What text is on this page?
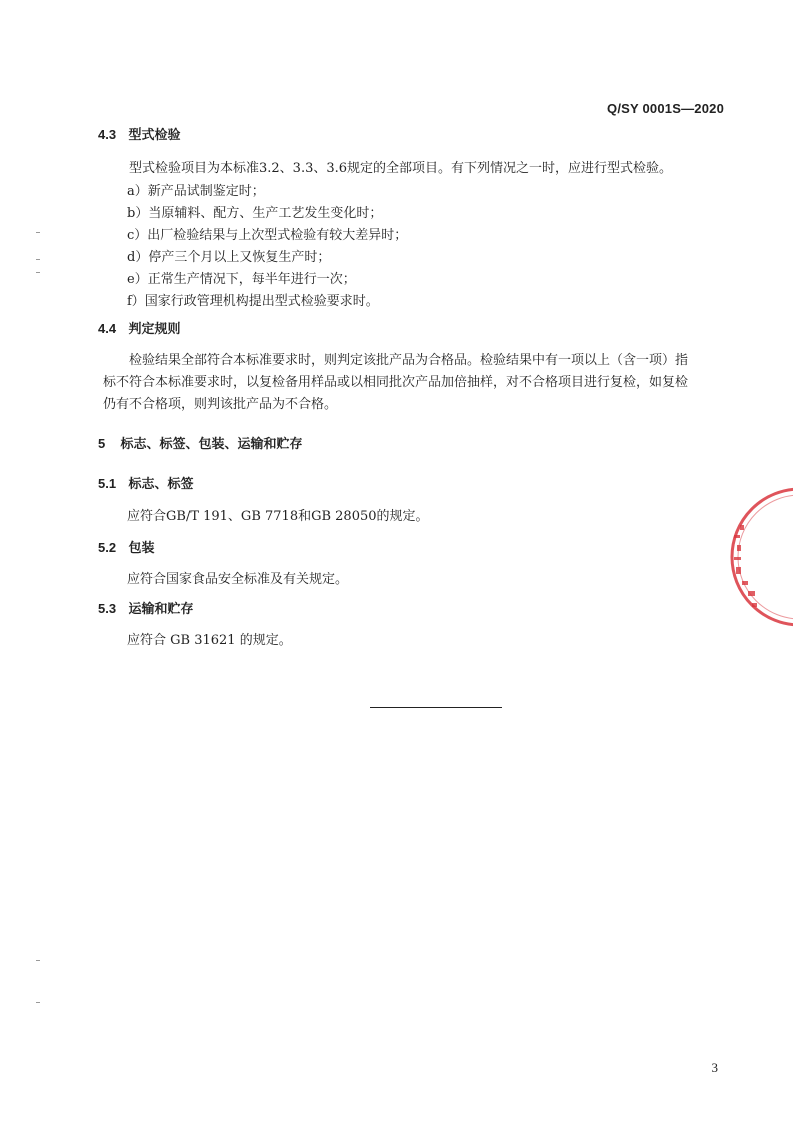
Q/SY 0001S—2020
4.3 型式检验
型式检验项目为本标准3.2、3.3、3.6规定的全部项目。有下列情况之一时，应进行型式检验。
a）新产品试制鉴定时；
b）当原辅料、配方、生产工艺发生变化时；
c）出厂检验结果与上次型式检验有较大差异时；
d）停产三个月以上又恢复生产时；
e）正常生产情况下，每半年进行一次；
f）国家行政管理机构提出型式检验要求时。
4.4 判定规则
检验结果全部符合本标准要求时，则判定该批产品为合格品。检验结果中有一项以上（含一项）指
标不符合本标准要求时，以复检备用样品或以相同批次产品加倍抽样，对不合格项目进行复检，如复检
仍有不合格项，则判该批产品为不合格。
5 标志、标签、包装、运输和贮存
5.1 标志、标签
应符合GB/T 191、GB 7718和GB 28050的规定。
5.2 包装
应符合国家食品安全标准及有关规定。
5.3 运输和贮存
应符合 GB 31621 的规定。
3
